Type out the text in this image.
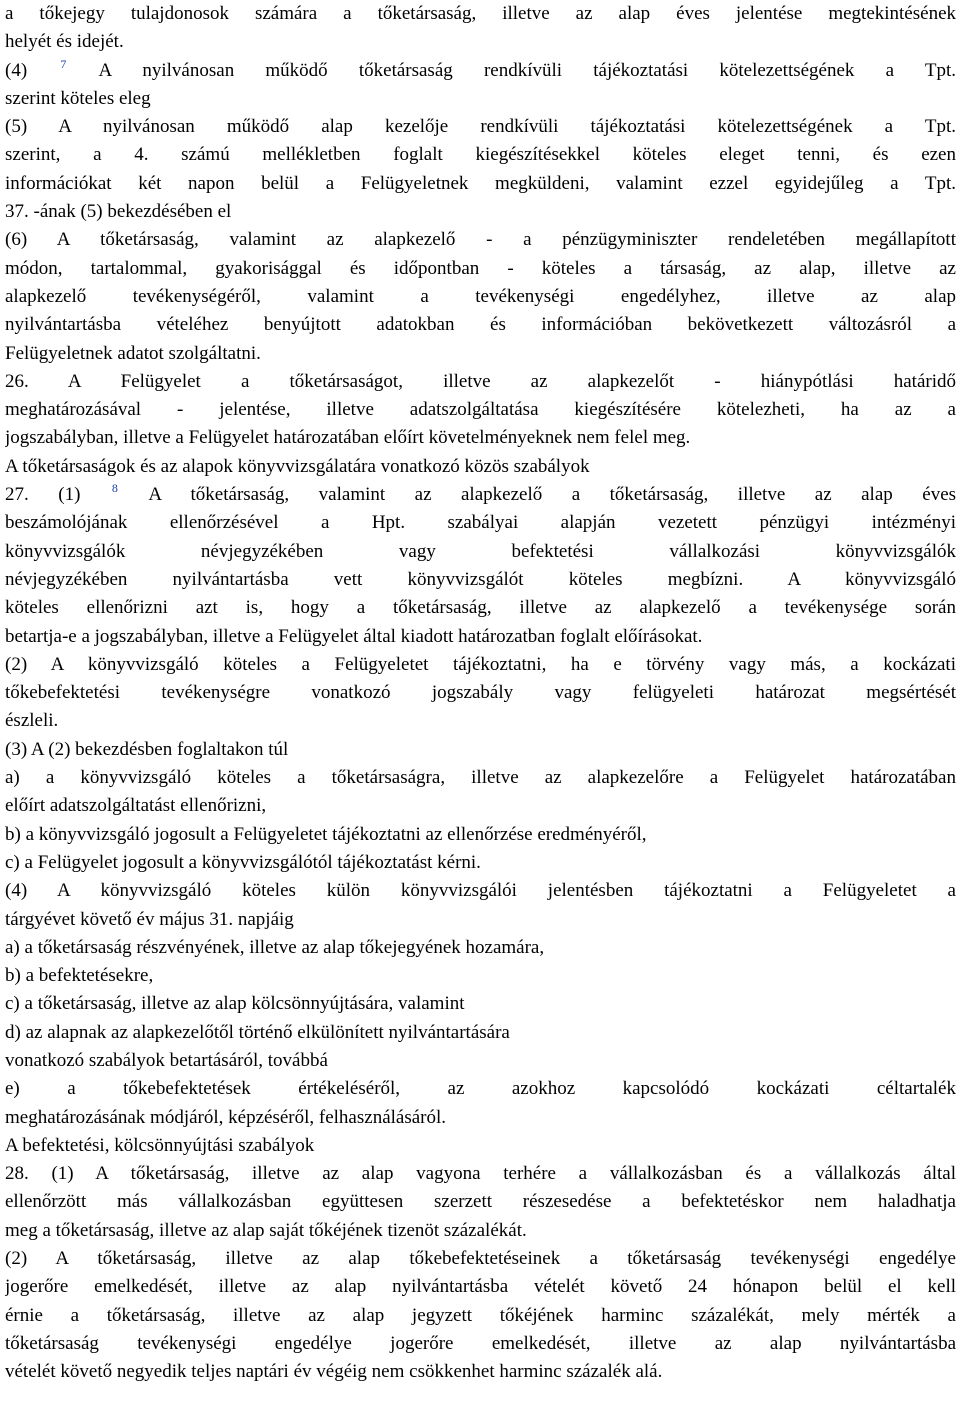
a tőkejegy tulajdonosok számára a tőketársaság, illetve az alap éves jelentése megtekintésének
helyét és idejét.
(4)	$^7$ A nyilvánosan működő tőketársaság rendkívüli tájékoztatási kötelezettségének a Tpt.
szerint köteles eleg
(5) A nyilvánosan működő alap kezelője rendkívüli tájékoztatási kötelezettségének a Tpt.
szerint, a 4. számú mellékletben foglalt kiegészítésekkel köteles eleget tenni, és ezen
információkat két napon belül a Felügyeletnek megküldeni, valamint ezzel egyidejűleg a Tpt.
37. -ának (5) bekezdésében el
(6) A tőketársaság, valamint az alapkezelő - a pénzügyminiszter rendeletében megállapított
módon, tartalommal, gyakorisággal és időpontban - köteles a társaság, az alap, illetve az
alapkezelő tevékenységéről, valamint a tevékenységi engedélyhez, illetve az alap
nyilvántartásba vételéhez benyújtott adatokban és információban bekövetkezett változásról a
Felügyeletnek adatot szolgáltatni.
26. A Felügyelet a tőketársaságot, illetve az alapkezelőt - hiánypótlási határidő
meghatározásával - jelentése, illetve adatszolgáltatása kiegészítésére kötelezheti, ha az a
jogszabályban, illetve a Felügyelet határozatában előírt követelményeknek nem felel meg.
A tőketársaságok és az alapok könyvvizsgálatára vonatkozó közös szabályok
27. (1)	$^8$ A tőketársaság, valamint az alapkezelő a tőketársaság, illetve az alap éves
beszámolójának ellenőrzésével a Hpt. szabályai alapján vezetett pénzügyi intézményi
könyvvizsgálók névjegyzékében vagy befektetési vállalkozási könyvvizsgálók
névjegyzékében nyilvántartásba vett könyvvizsgálót köteles megbízni. A könyvvizsgáló
köteles ellenőrizni azt is, hogy a tőketársaság, illetve az alapkezelő a tevékenysége során
betartja-e a jogszabályban, illetve a Felügyelet által kiadott határozatban foglalt előírásokat.
(2) A könyvvizsgáló köteles a Felügyeletet tájékoztatni, ha e törvény vagy más, a kockázati
tőkebefektetési tevékenységre vonatkozó jogszabály vagy felügyeleti határozat megsértését
észleli.
(3) A (2) bekezdésben foglaltakon túl
a) a könyvvizsgáló köteles a tőketársaságra, illetve az alapkezelőre a Felügyelet határozatában
előírt adatszolgáltatást ellenőrizni,
b) a könyvvizsgáló jogosult a Felügyeletet tájékoztatni az ellenőrzése eredményéről,
c) a Felügyelet jogosult a könyvvizsgálótól tájékoztatást kérni.
(4) A könyvvizsgáló köteles külön könyvvizsgálói jelentésben tájékoztatni a Felügyeletet a
tárgyévet követő év május 31. napjáig
a) a tőketársaság részvényének, illetve az alap tőkejegyének hozamára,
b) a befektetésekre,
c) a tőketársaság, illetve az alap kölcsönnyújtására, valamint
d) az alapnak az alapkezelőtől történő elkülönített nyilvántartására
vonatkozó szabályok betartásáról, továbbá
e) a tőkebefektetések értékeléséről, az azokhoz kapcsolódó kockázati céltartalék
meghatározásának módjáról, képzéséről, felhasználásáról.
A befektetési, kölcsönnyújtási szabályok
28. (1) A tőketársaság, illetve az alap vagyona terhére a vállalkozásban és a vállalkozás által
ellenőrzött más vállalkozásban együttesen szerzett részesedése a befektetéskor nem haladhatja
meg a tőketársaság, illetve az alap saját tőkéjének tizenöt százalékát.
(2) A tőketársaság, illetve az alap tőkebefektetéseinek a tőketársaság tevékenységi engedélye
jogerőre emelkedését, illetve az alap nyilvántartásba vételét követő 24 hónapon belül el kell
érnie a tőketársaság, illetve az alap jegyzett tőkéjének harminc százalékát, mely mérték a
tőketársaság tevékenységi engedélye jogerőre emelkedését, illetve az alap nyilvántartásba
vételét követő negyedik teljes naptári év végéig nem csökkenhet harminc százalék alá.
